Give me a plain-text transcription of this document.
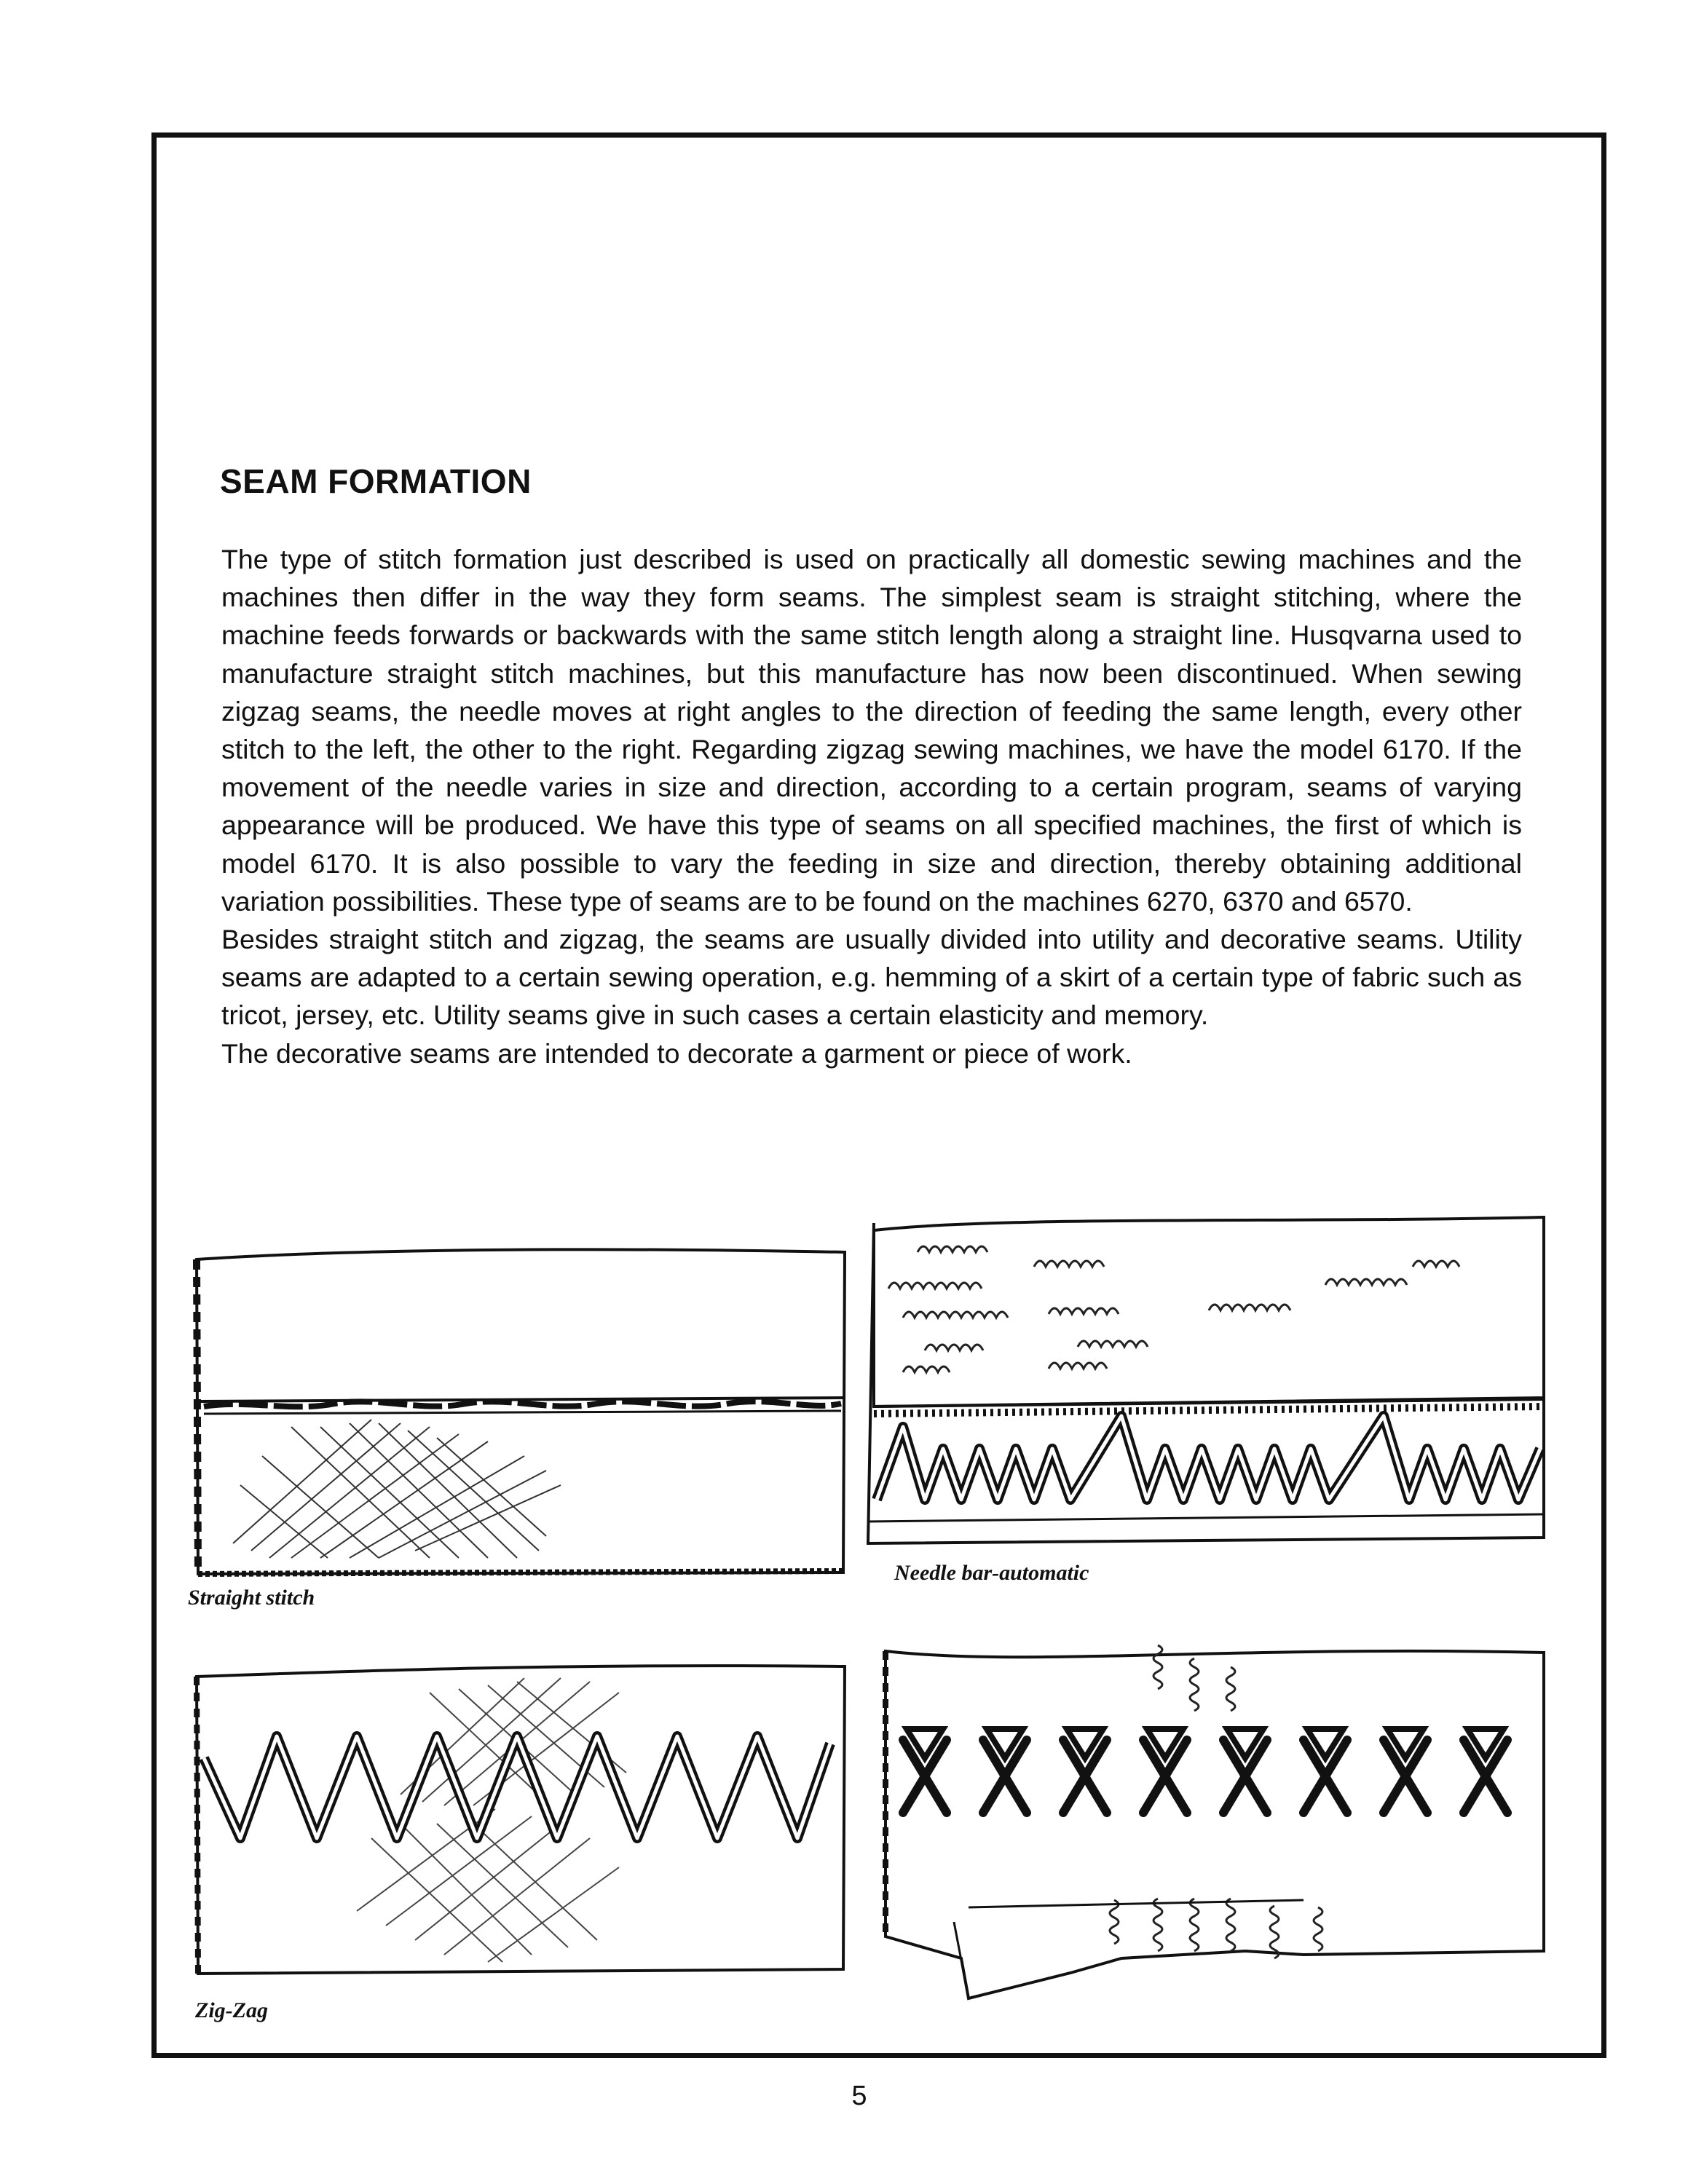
SEAM FORMATION

The type of stitch formation just described is used on practically all domestic sewing machines and the machines then differ in the way they form seams. The simplest seam is straight stitching, where the machine feeds forwards or backwards with the same stitch length along a straight line. Husqvarna used to manufacture straight stitch machines, but this manufacture has now been discontinued. When sewing zigzag seams, the needle moves at right angles to the direction of feeding the same length, every other stitch to the left, the other to the right. Regarding zigzag sewing machines, we have the model 6170. If the movement of the needle varies in size and direction, according to a certain program, seams of varying appearance will be produced. We have this type of seams on all specified machines, the first of which is model 6170. It is also possible to vary the feeding in size and direction, thereby obtaining additional variation possibilities. These type of seams are to be found on the machines 6270, 6370 and 6570.

Besides straight stitch and zigzag, the seams are usually divided into utility and decorative seams. Utility seams are adapted to a certain sewing operation, e.g. hemming of a skirt of a certain type of fabric such as tricot, jersey, etc. Utility seams give in such cases a certain elasticity and memory.

The decorative seams are intended to decorate a garment or piece of work.

Straight stitch
Zig-Zag
Needle bar-automatic
5
